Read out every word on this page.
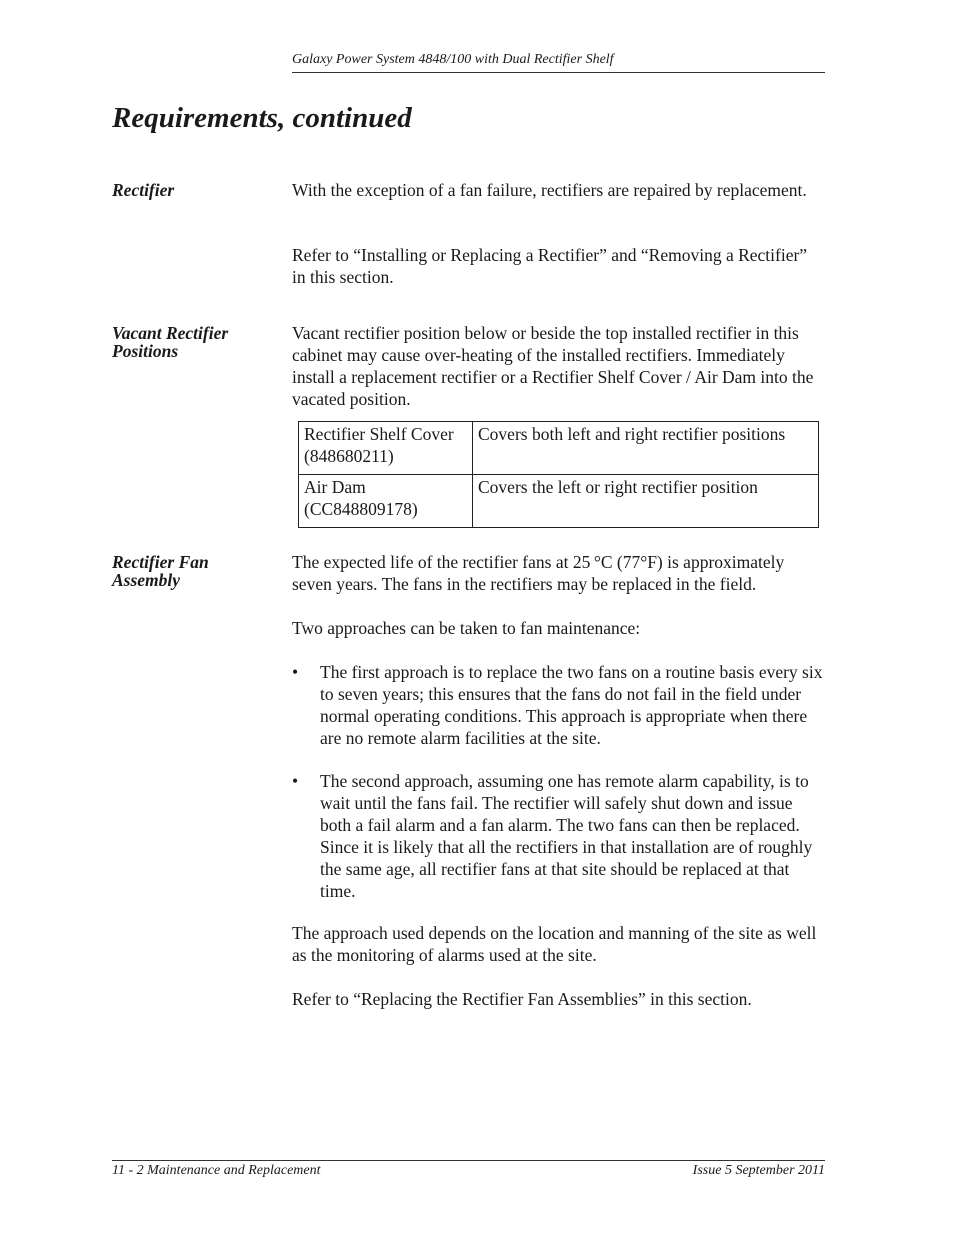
Galaxy Power System 4848/100 with Dual Rectifier Shelf
Requirements, continued
Rectifier	With the exception of a fan failure, rectifiers are repaired by replacement.

Refer to “Installing or Replacing a Rectifier” and “Removing a Rectifier” in this section.

Vacant Rectifier
Positions

Vacant rectifier position below or beside the top installed rectifier in this cabinet may cause over-heating of the installed rectifiers. Immediately install a replacement rectifier or a Rectifier Shelf Cover / Air Dam into the vacated position.

Rectifier Shelf Cover (848680211)	Covers both left and right rectifier positions
Air Dam (CC848809178)	Covers the left or right rectifier position
Rectifier Fan
Assembly

The expected life of the rectifier fans at 25 °C (77°F) is approximately seven years. The fans in the rectifiers may be replaced in the field.

Two approaches can be taken to fan maintenance:

• The first approach is to replace the two fans on a routine basis every six to seven years; this ensures that the fans do not fail in the field under normal operating conditions. This approach is appropriate when there are no remote alarm facilities at the site.
• The second approach, assuming one has remote alarm capability, is to wait until the fans fail. The rectifier will safely shut down and issue both a fail alarm and a fan alarm. The two fans can then be replaced. Since it is likely that all the rectifiers in that installation are of roughly the same age, all rectifier fans at that site should be replaced at that time.

The approach used depends on the location and manning of the site as well as the monitoring of alarms used at the site.

Refer to “Replacing the Rectifier Fan Assemblies” in this section.

11 - 2 Maintenance and Replacement	Issue 5 September 2011
